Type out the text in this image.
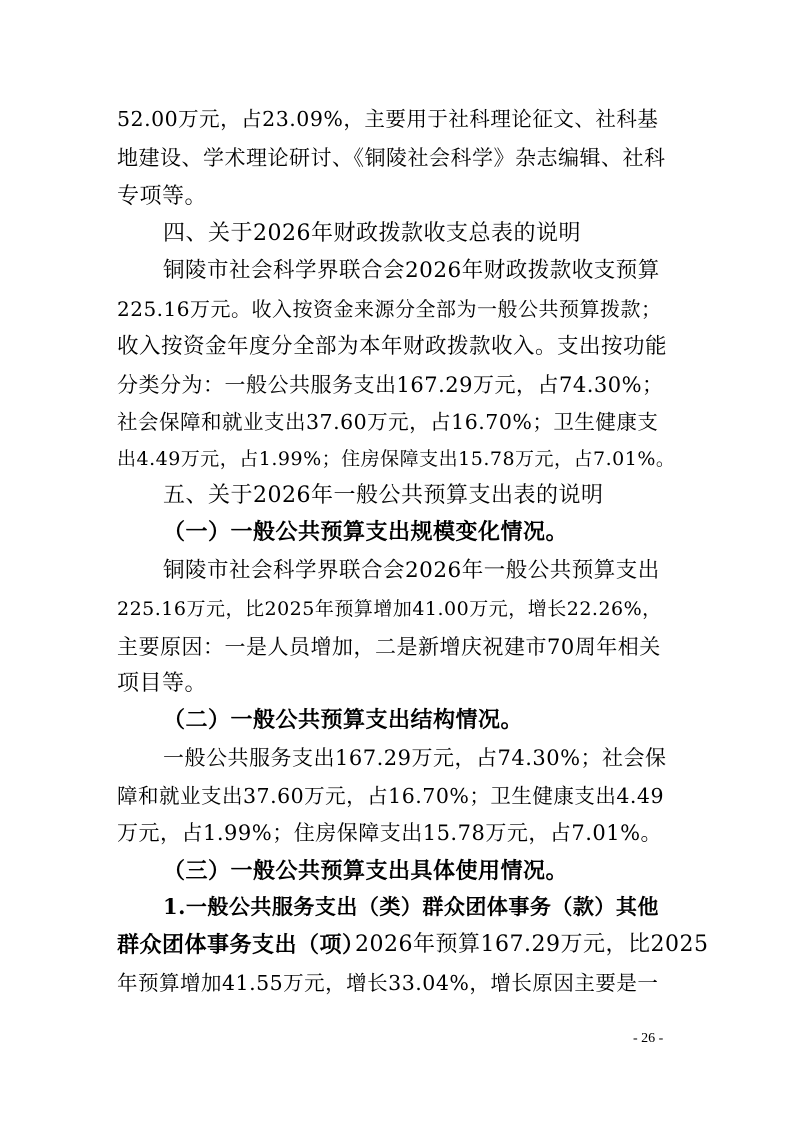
52.00万元，占23.09%，主要用于社科理论征文、社科基
地建设、学术理论研讨、《铜陵社会科学》杂志编辑、社科
专项等。
四、关于2026年财政拨款收支总表的说明
铜陵市社会科学界联合会2026年财政拨款收支预算
225.16万元。收入按资金来源分全部为一般公共预算拨款；
收入按资金年度分全部为本年财政拨款收入。支出按功能
分类分为：一般公共服务支出167.29万元，占74.30%；
社会保障和就业支出37.60万元，占16.70%；卫生健康支
出4.49万元，占1.99%；住房保障支出15.78万元，占7.01%。
五、关于2026年一般公共预算支出表的说明
（一）一般公共预算支出规模变化情况。
铜陵市社会科学界联合会2026年一般公共预算支出
225.16万元，比2025年预算增加41.00万元，增长22.26%，
主要原因：一是人员增加，二是新增庆祝建市70周年相关
项目等。
（二）一般公共预算支出结构情况。
一般公共服务支出167.29万元，占74.30%；社会保
障和就业支出37.60万元，占16.70%；卫生健康支出4.49
万元，占1.99%；住房保障支出15.78万元，占7.01%。
（三）一般公共预算支出具体使用情况。
1.一般公共服务支出（类）群众团体事务（款）其他
群众团体事务支出（项）
2026年预算167.29万元，比2025
年预算增加41.55万元，增长33.04%，增长原因主要是一
- 26 -
